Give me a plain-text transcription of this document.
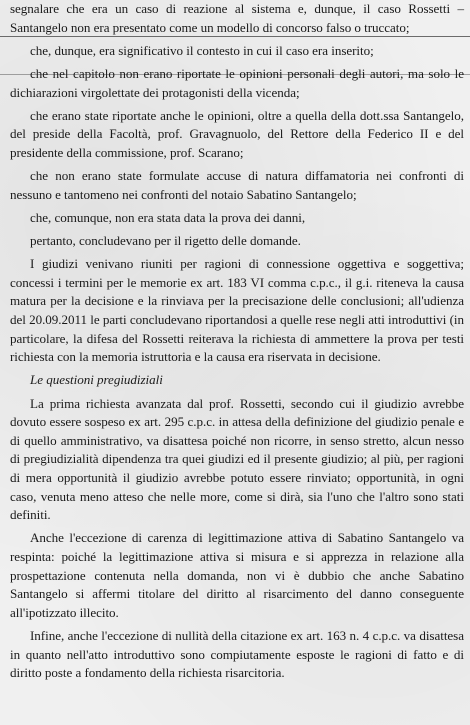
segnalare che era un caso di reazione al sistema e, dunque, il caso Rossetti – Santangelo non era presentato come un modello di concorso falso o truccato;

che, dunque, era significativo il contesto in cui il caso era inserito;

che nel capitolo non erano riportate le opinioni personali degli autori, ma solo le dichiarazioni virgolettate dei protagonisti della vicenda;

che erano state riportate anche le opinioni, oltre a quella della dott.ssa Santangelo, del preside della Facoltà, prof. Gravagnuolo, del Rettore della Federico II e del presidente della commissione, prof. Scarano;

che non erano state formulate accuse di natura diffamatoria nei confronti di nessuno e tantomeno nei confronti del notaio Sabatino Santangelo;

che, comunque, non era stata data la prova dei danni,

pertanto, concludevano per il rigetto delle domande.

I giudizi venivano riuniti per ragioni di connessione oggettiva e soggettiva; concessi i termini per le memorie ex art. 183 VI comma c.p.c., il g.i. riteneva la causa matura per la decisione e la rinviava per la precisazione delle conclusioni; all'udienza del 20.09.2011 le parti concludevano riportandosi a quelle rese negli atti introduttivi (in particolare, la difesa del Rossetti reiterava la richiesta di ammettere la prova per testi richiesta con la memoria istruttoria e la causa era riservata in decisione.

Le questioni pregiudiziali

La prima richiesta avanzata dal prof. Rossetti, secondo cui il giudizio avrebbe dovuto essere sospeso ex art. 295 c.p.c. in attesa della definizione del giudizio penale e di quello amministrativo, va disattesa poiché non ricorre, in senso stretto, alcun nesso di pregiudizialità dipendenza tra quei giudizi ed il presente giudizio; al più, per ragioni di mera opportunità il giudizio avrebbe potuto essere rinviato; opportunità, in ogni caso, venuta meno atteso che nelle more, come si dirà, sia l'uno che l'altro sono stati definiti.

Anche l'eccezione di carenza di legittimazione attiva di Sabatino Santangelo va respinta: poiché la legittimazione attiva si misura e si apprezza in relazione alla prospettazione contenuta nella domanda, non vi è dubbio che anche Sabatino Santangelo si affermi titolare del diritto al risarcimento del danno conseguente all'ipotizzato illecito.

Infine, anche l'eccezione di nullità della citazione ex art. 163 n. 4 c.p.c. va disattesa in quanto nell'atto introduttivo sono compiutamente esposte le ragioni di fatto e di diritto poste a fondamento della richiesta risarcitoria.
